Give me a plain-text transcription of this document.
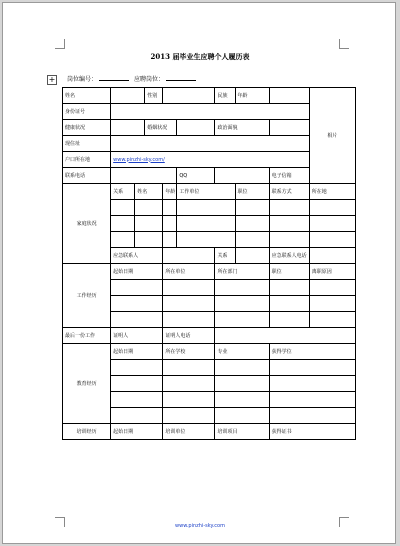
2013 届毕业生应聘个人履历表
+ 岗位编号：	应聘岗位：
姓名			性别			民族	年龄		相片
身份证号									
健康状况			婚姻状况			政治面貌			
现住址									
户口所在地	www.pinzhi-sky.com/								
联系电话					QQ			电子信箱	
家庭状况	关系	姓名		年龄	工作单位		职位	联系方式	所在地

	应急联系人					关系		应急联系人电话	
工作经历	起始日期			所在单位		所在部门		职位	离职原因

最后一份工作	证明人			证明人电话					
教育经历	起始日期			所在学校		专业		获得学位	

培训经历	起始日期			培训单位		培训项目		获得证书	
www.pinzhi-sky.com
